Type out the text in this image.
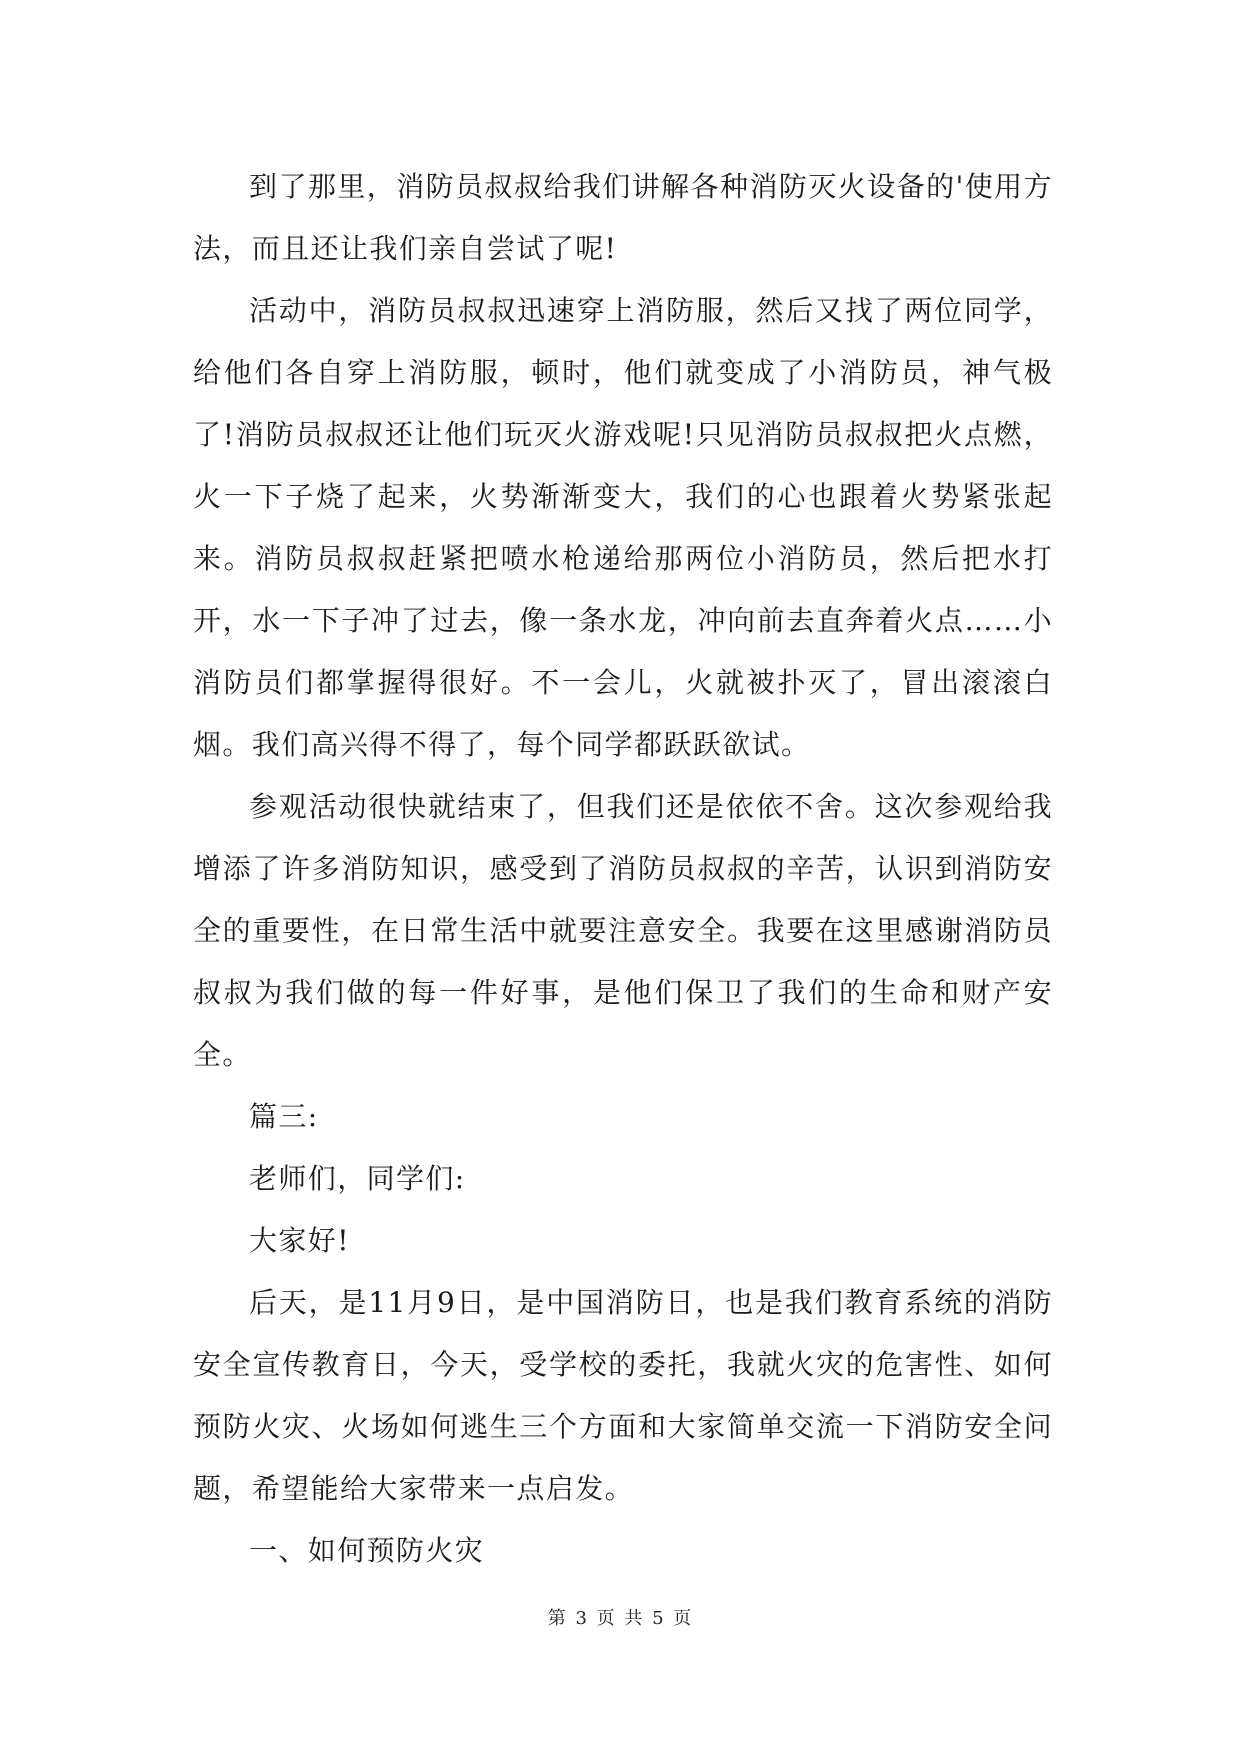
到了那里，消防员叔叔给我们讲解各种消防灭火设备的'使用方法，而且还让我们亲自尝试了呢!

活动中，消防员叔叔迅速穿上消防服，然后又找了两位同学，给他们各自穿上消防服，顿时，他们就变成了小消防员，神气极了!消防员叔叔还让他们玩灭火游戏呢!只见消防员叔叔把火点燃，火一下子烧了起来，火势渐渐变大，我们的心也跟着火势紧张起来。消防员叔叔赶紧把喷水枪递给那两位小消防员，然后把水打开，水一下子冲了过去，像一条水龙，冲向前去直奔着火点……小消防员们都掌握得很好。不一会儿，火就被扑灭了，冒出滚滚白烟。我们高兴得不得了，每个同学都跃跃欲试。

参观活动很快就结束了，但我们还是依依不舍。这次参观给我增添了许多消防知识，感受到了消防员叔叔的辛苦，认识到消防安全的重要性，在日常生活中就要注意安全。我要在这里感谢消防员叔叔为我们做的每一件好事，是他们保卫了我们的生命和财产安全。

篇三:

老师们，同学们:

大家好!

后天，是11月9日，是中国消防日，也是我们教育系统的消防安全宣传教育日，今天，受学校的委托，我就火灾的危害性、如何预防火灾、火场如何逃生三个方面和大家简单交流一下消防安全问题，希望能给大家带来一点启发。

一、如何预防火灾

第 3 页 共 5 页
